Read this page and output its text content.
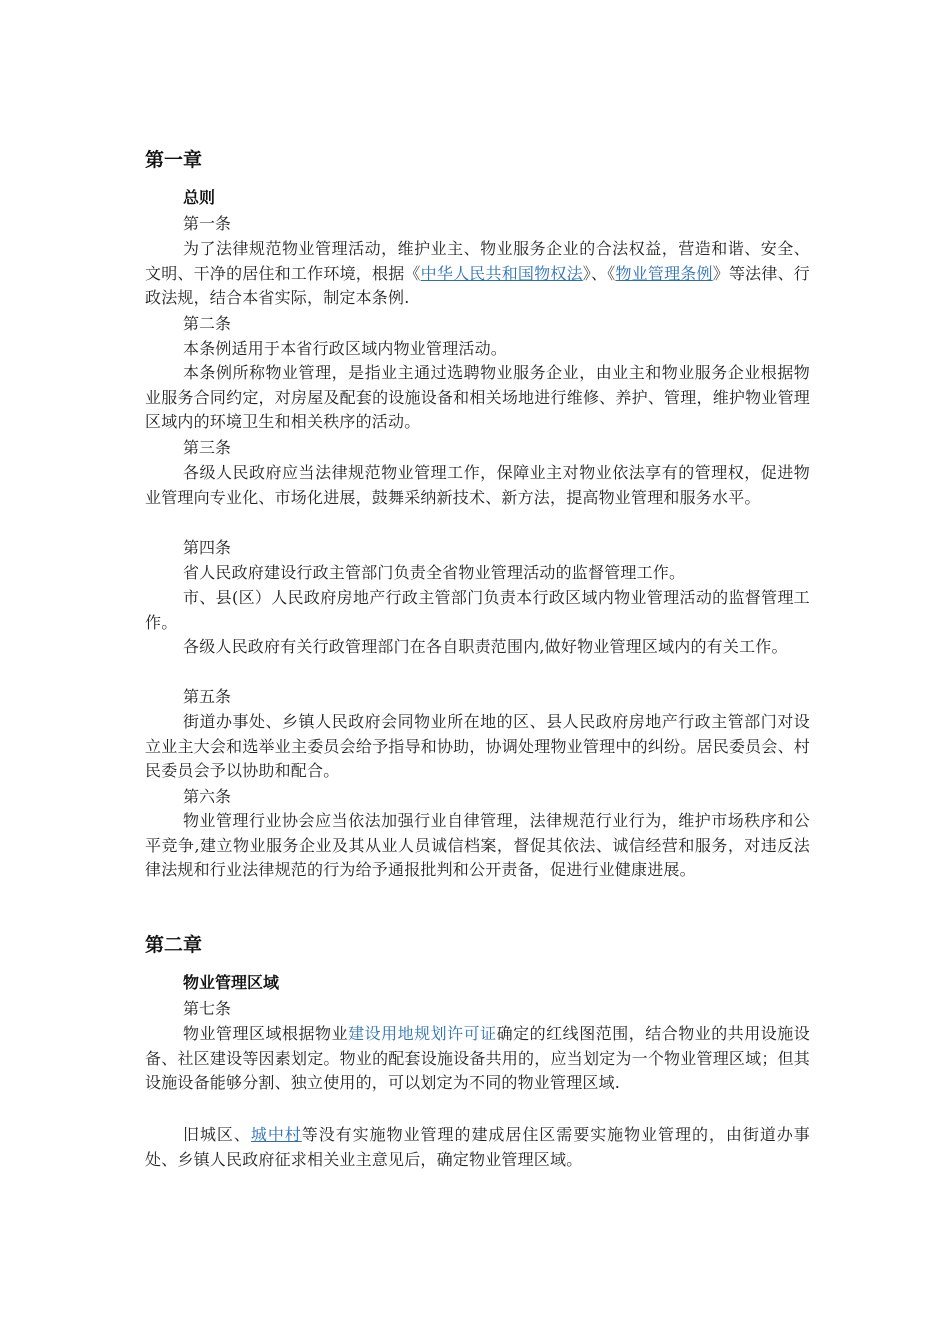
第一章
总则
第一条
为了法律规范物业管理活动，维护业主、物业服务企业的合法权益，营造和谐、安全、文明、干净的居住和工作环境，根据《中华人民共和国物权法》、《物业管理条例》等法律、行政法规，结合本省实际，制定本条例.
第二条
本条例适用于本省行政区域内物业管理活动。
本条例所称物业管理，是指业主通过选聘物业服务企业，由业主和物业服务企业根据物业服务合同约定，对房屋及配套的设施设备和相关场地进行维修、养护、管理，维护物业管理区域内的环境卫生和相关秩序的活动。
第三条
各级人民政府应当法律规范物业管理工作，保障业主对物业依法享有的管理权，促进物业管理向专业化、市场化进展，鼓舞采纳新技术、新方法，提高物业管理和服务水平。
第四条
省人民政府建设行政主管部门负责全省物业管理活动的监督管理工作。
市、县(区）人民政府房地产行政主管部门负责本行政区域内物业管理活动的监督管理工作。
各级人民政府有关行政管理部门在各自职责范围内,做好物业管理区域内的有关工作。
第五条
街道办事处、乡镇人民政府会同物业所在地的区、县人民政府房地产行政主管部门对设立业主大会和选举业主委员会给予指导和协助，协调处理物业管理中的纠纷。居民委员会、村民委员会予以协助和配合。
第六条
物业管理行业协会应当依法加强行业自律管理，法律规范行业行为，维护市场秩序和公平竞争,建立物业服务企业及其从业人员诚信档案，督促其依法、诚信经营和服务，对违反法律法规和行业法律规范的行为给予通报批判和公开责备，促进行业健康进展。
第二章
物业管理区域
第七条
物业管理区域根据物业建设用地规划许可证确定的红线图范围，结合物业的共用设施设备、社区建设等因素划定。物业的配套设施设备共用的，应当划定为一个物业管理区域；但其设施设备能够分割、独立使用的，可以划定为不同的物业管理区域.
旧城区、城中村等没有实施物业管理的建成居住区需要实施物业管理的，由街道办事处、乡镇人民政府征求相关业主意见后，确定物业管理区域。
